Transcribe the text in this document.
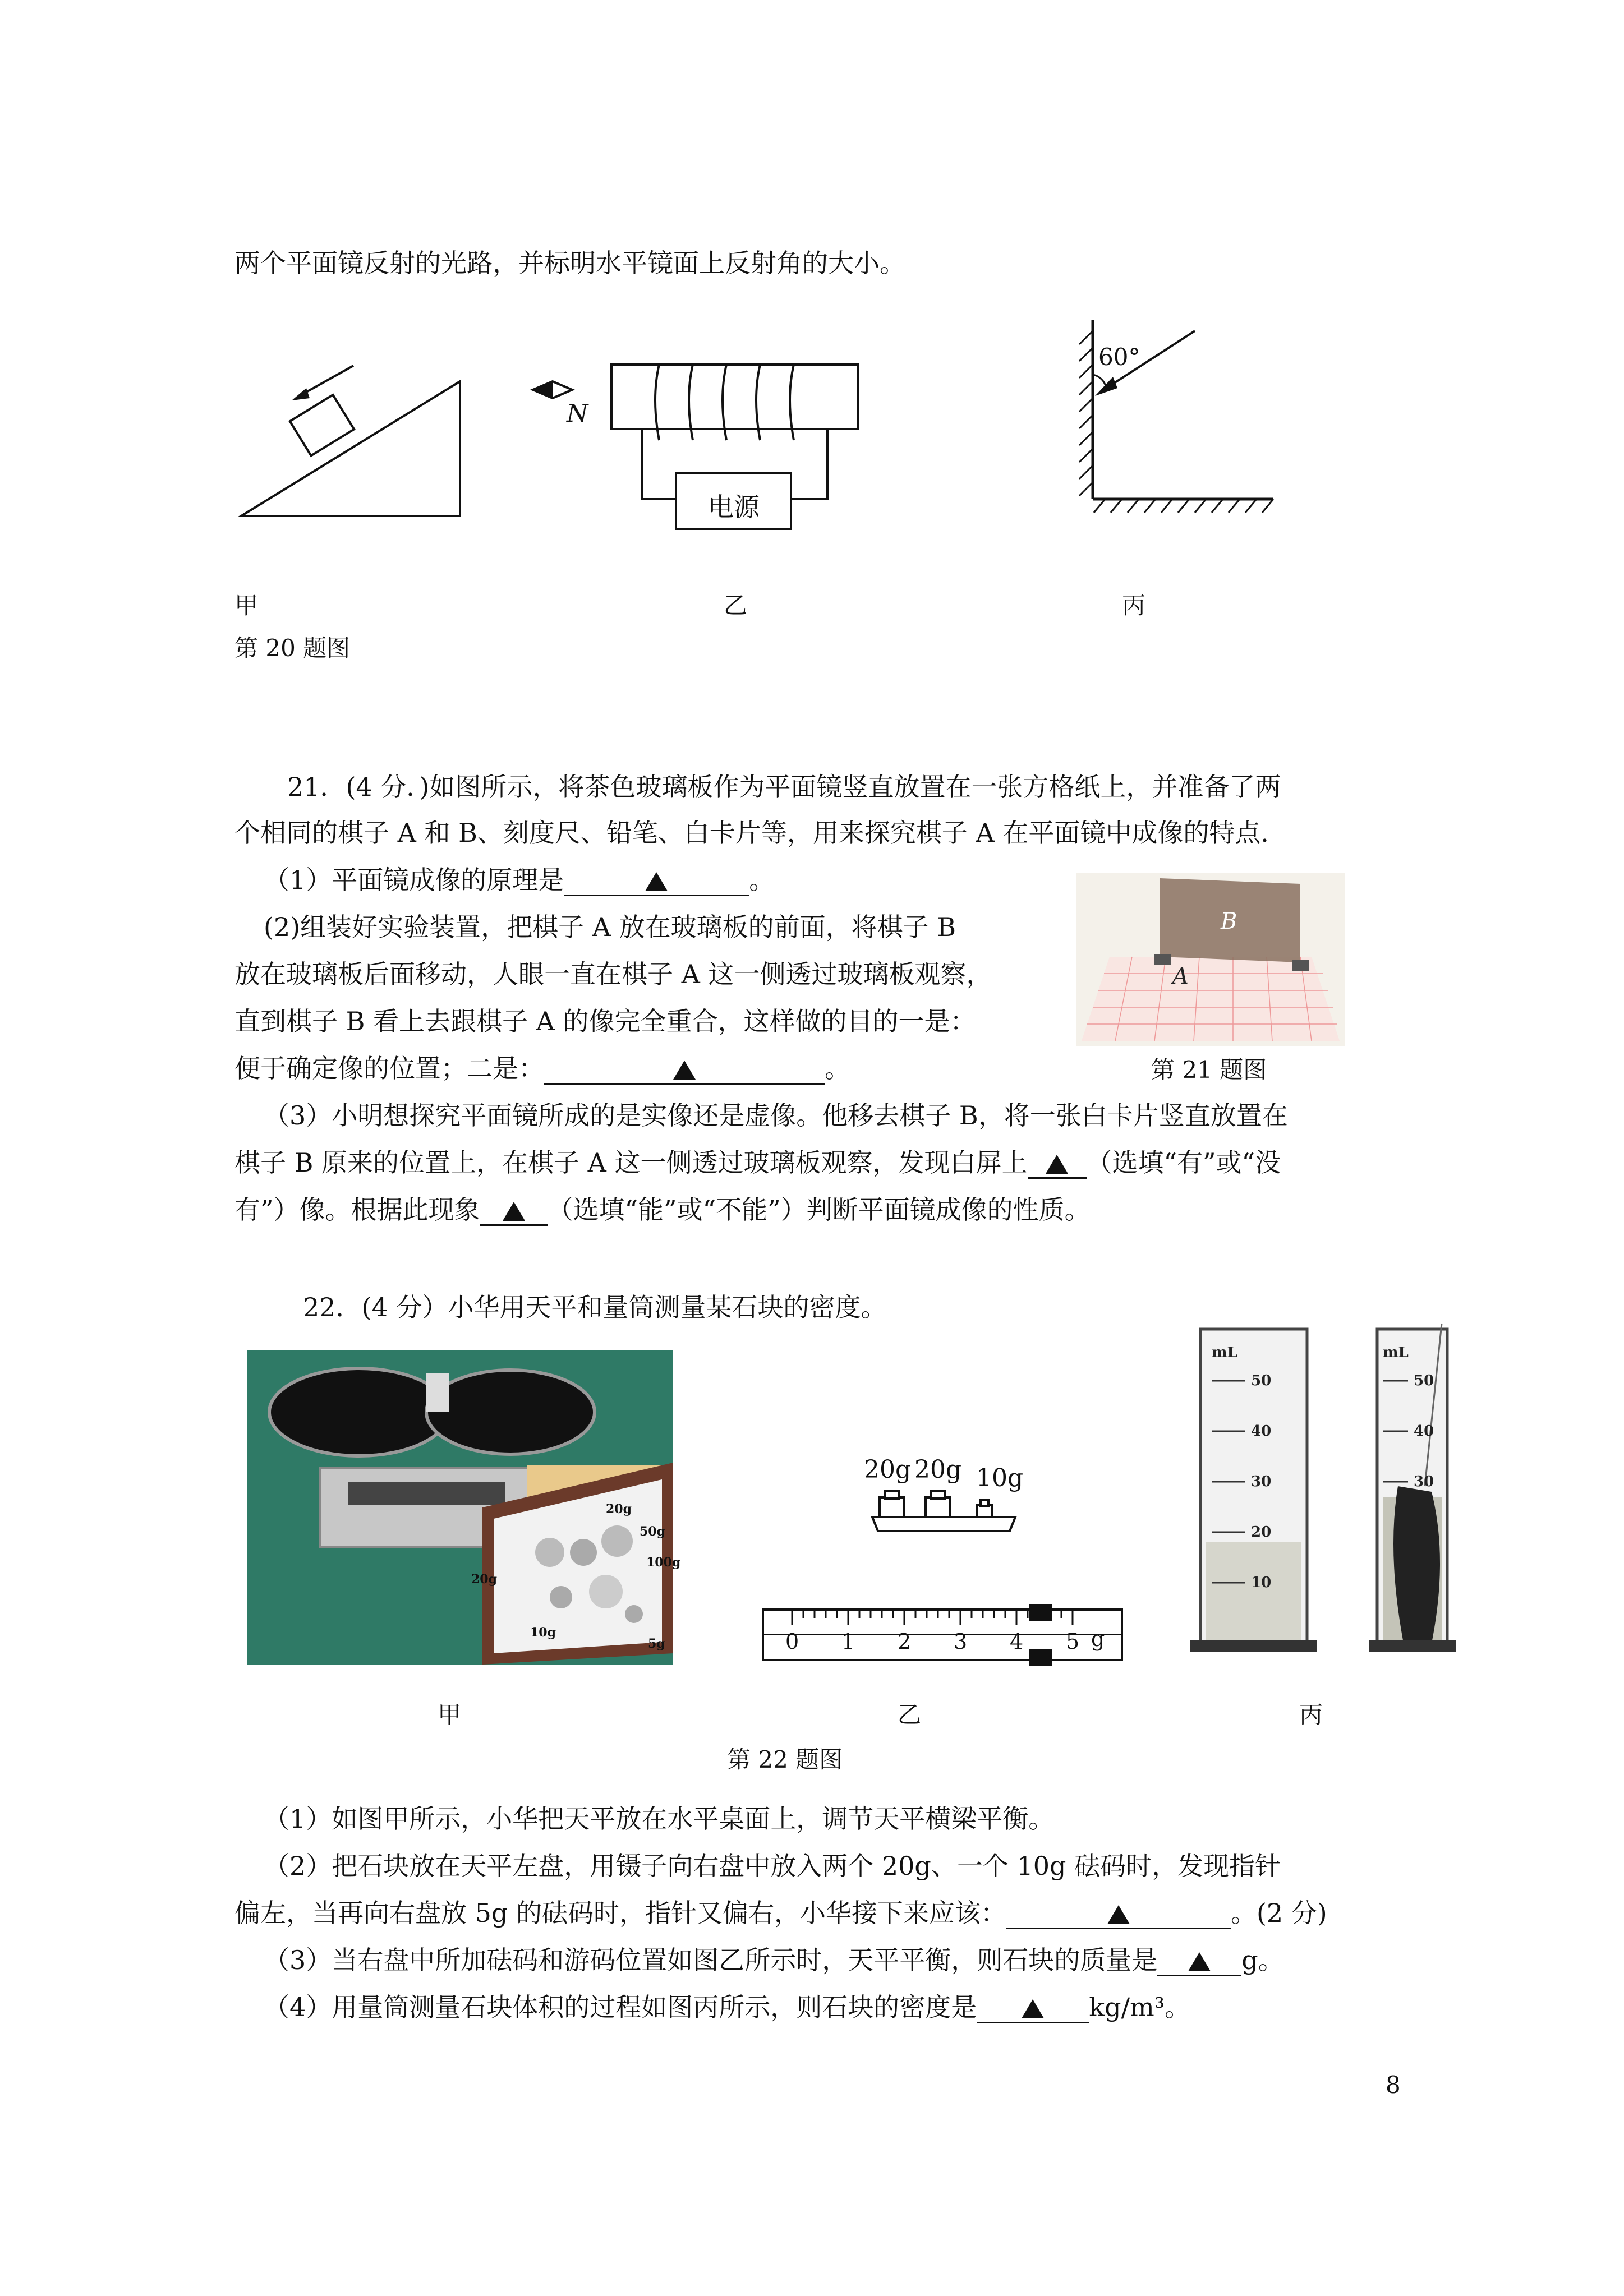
两个平面镜反射的光路，并标明水平镜面上反射角的大小。
N
电源
60°
甲	乙	丙
第 20 题图
21．(4 分．)如图所示，将茶色玻璃板作为平面镜竖直放置在一张方格纸上，并准备了两
个相同的棋子 A 和 B、刻度尺、铅笔、白卡片等，用来探究棋子 A 在平面镜中成像的特点．
（1）平面镜成像的原理是	。
(2)组装好实验装置，把棋子 A 放在玻璃板的前面，将棋子 B
放在玻璃板后面移动，人眼一直在棋子 A 这一侧透过玻璃板观察，
直到棋子 B 看上去跟棋子 A 的像完全重合，这样做的目的一是：
便于确定像的位置；二是：	。
B
A
第 21 题图
（3）小明想探究平面镜所成的是实像还是虚像。他移去棋子 B，将一张白卡片竖直放置在
棋子 B 原来的位置上，在棋子 A 这一侧透过玻璃板观察，发现白屏上 （选填“有”或“没
有”）像。根据此现象	（选填“能”或“不能”）判断平面镜成像的性质。
22．(4 分）小华用天平和量筒测量某石块的密度。
20g
50g
100g
20g
10g
5g
20g 20g 10g
0 1 2 3 4 5 g
mL
50
40
30
20
10
mL
50
40
30
甲	乙	丙
第 22 题图
（1）如图甲所示，小华把天平放在水平桌面上，调节天平横梁平衡。
（2）把石块放在天平左盘，用镊子向右盘中放入两个 20g、一个 10g 砝码时，发现指针
偏左，当再向右盘放 5g 的砝码时，指针又偏右，小华接下来应该：	。(2 分)
（3）当右盘中所加砝码和游码位置如图乙所示时，天平平衡，则石块的质量是	g。
（4）用量筒测量石块体积的过程如图丙所示，则石块的密度是	kg/m³。
8
